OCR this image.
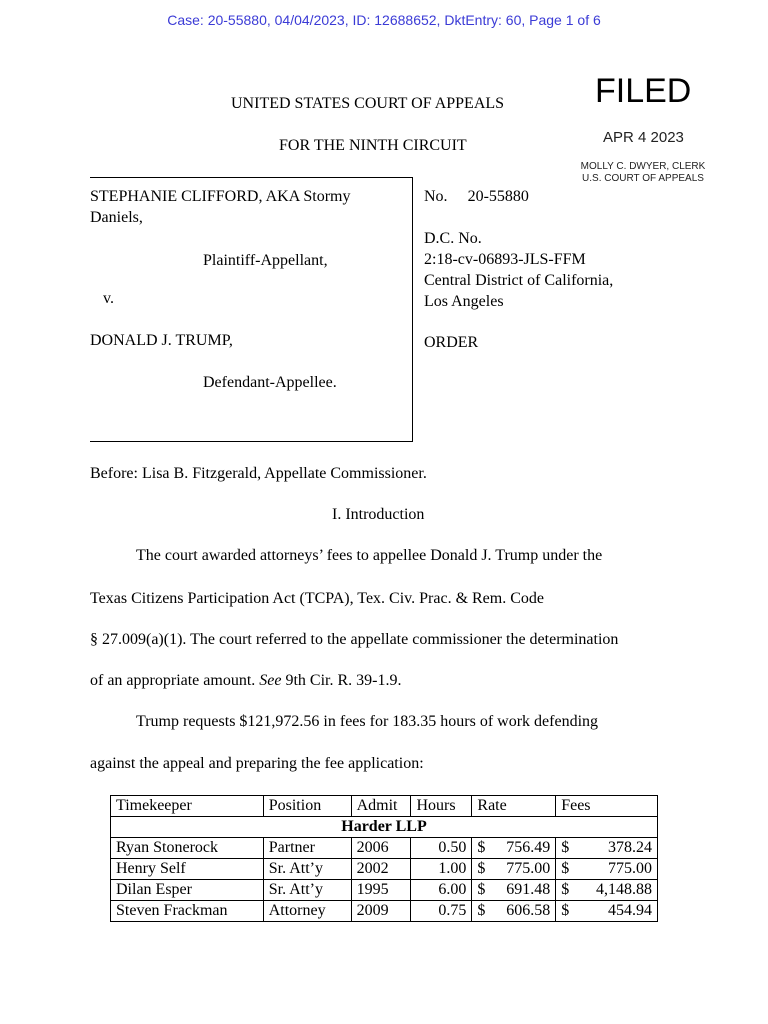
Case: 20-55880, 04/04/2023, ID: 12688652, DktEntry: 60, Page 1 of 6
UNITED STATES COURT OF APPEALS
FOR THE NINTH CIRCUIT
FILED
APR 4 2023
MOLLY C. DWYER, CLERK
U.S. COURT OF APPEALS
STEPHANIE CLIFFORD, AKA Stormy
Daniels,
Plaintiff-Appellant,
v.
DONALD J. TRUMP,
Defendant-Appellee.
No. 20-55880
D.C. No.
2:18-cv-06893-JLS-FFM
Central District of California,
Los Angeles
ORDER
Before: Lisa B. Fitzgerald, Appellate Commissioner.
I. Introduction
The court awarded attorneys’ fees to appellee Donald J. Trump under the
Texas Citizens Participation Act (TCPA), Tex. Civ. Prac. & Rem. Code
§ 27.009(a)(1). The court referred to the appellate commissioner the determination
of an appropriate amount. See 9th Cir. R. 39-1.9.
Trump requests $121,972.56 in fees for 183.35 hours of work defending
against the appeal and preparing the fee application:
Timekeeper	Position	Admit	Hours	Rate	Fees
Harder LLP					
Ryan Stonerock	Partner	2006	0.50	$ 756.49	$ 378.24

Henry Self	Sr. Att’y	2002	1.00	$ 775.00	$ 775.00

Dilan Esper	Sr. Att’y	1995	6.00	$ 691.48	$ 4,148.88

Steven Frackman	Attorney	2009	0.75	$ 606.58	$ 454.94
